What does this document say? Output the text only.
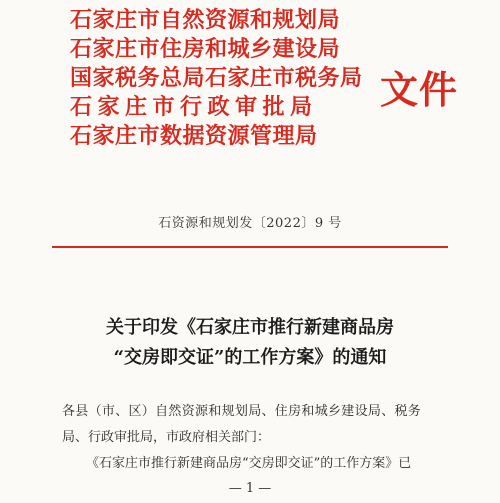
石家庄市自然资源和规划局
石家庄市住房和城乡建设局
国家税务总局石家庄市税务局
石家庄市行政审批局
石家庄市数据资源管理局
文件
石资源和规划发〔2022〕9 号
关于印发《石家庄市推行新建商品房
“交房即交证”的工作方案》的通知
各县（市、区）自然资源和规划局、住房和城乡建设局、税务
局、行政审批局，市政府相关部门：
《石家庄市推行新建商品房“交房即交证”的工作方案》已
— 1 —
